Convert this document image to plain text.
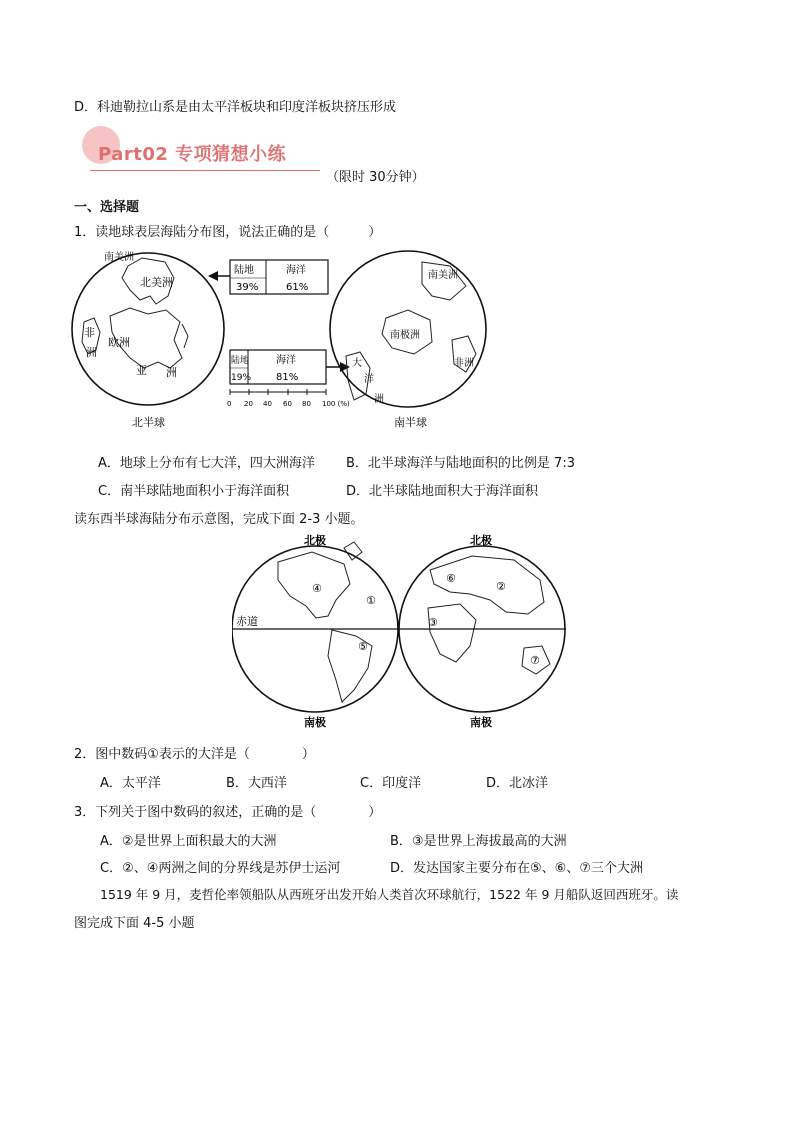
D．科迪勒拉山系是由太平洋板块和印度洋板块挤压形成
Part02 专项猜想小练
（限时 30分钟）
一、选择题
1．读地球表层海陆分布图，说法正确的是（　　　）
南美洲
北美洲
非
欧洲
洲
亚 洲
北半球
陆地	海洋
39%	61%
陆地	海洋
19% 81%
0 20 40 60 80 100 (%)
南美洲
南极洲
非洲
大
洋
洲
南半球
A．地球上分布有七大洋，四大洲海洋 B．北半球海洋与陆地面积的比例是 7:3
C．南半球陆地面积小于海洋面积	D．北半球陆地面积大于海洋面积
读东西半球海陆分布示意图，完成下面 2-3 小题。
④
①
⑤
⑥
②
③
⑦
赤道
北极	北极
南极	南极
2．图中数码①表示的大洋是（　　　　）
A．太平洋	B．大西洋	C．印度洋	D．北冰洋
3．下列关于图中数码的叙述，正确的是（　　　　）
A．②是世界上面积最大的大洲	B．③是世界上海拔最高的大洲
C．②、④两洲之间的分界线是苏伊士运河	D．发达国家主要分布在⑤、⑥、⑦三个大洲
1519 年 9 月，麦哲伦率领船队从西班牙出发开始人类首次环球航行，1522 年 9 月船队返回西班牙。读
图完成下面 4-5 小题
